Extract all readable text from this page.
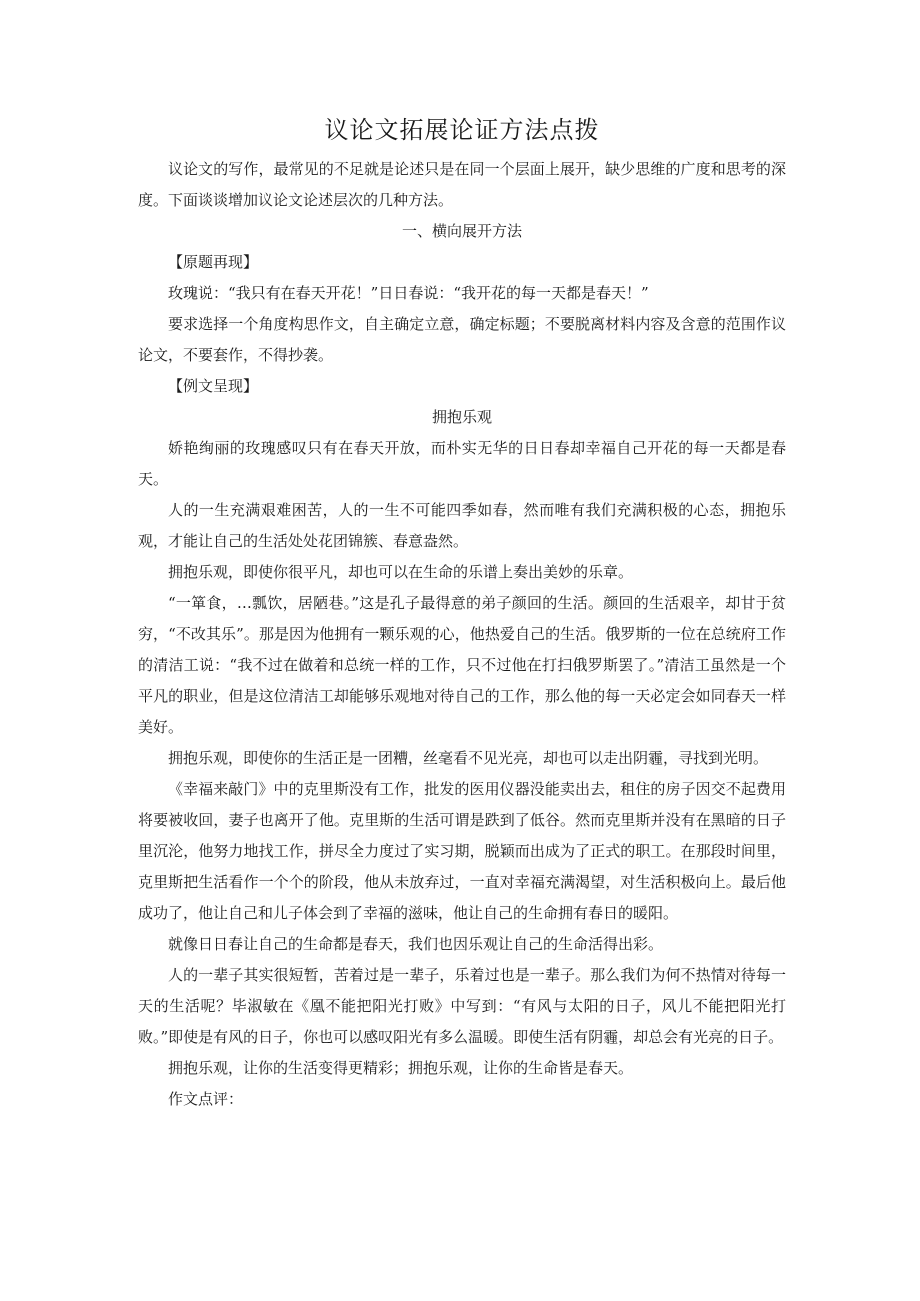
议论文拓展论证方法点拨

议论文的写作，最常见的不足就是论述只是在同一个层面上展开，缺少思维的广度和思考的深度。下面谈谈增加议论文论述层次的几种方法。

一、横向展开方法

【原题再现】

玫瑰说：“我只有在春天开花！”日日春说：“我开花的每一天都是春天！”

要求选择一个角度构思作文，自主确定立意，确定标题；不要脱离材料内容及含意的范围作议论文，不要套作，不得抄袭。

【例文呈现】

拥抱乐观

娇艳绚丽的玫瑰感叹只有在春天开放，而朴实无华的日日春却幸福自己开花的每一天都是春天。

人的一生充满艰难困苦，人的一生不可能四季如春，然而唯有我们充满积极的心态，拥抱乐观，才能让自己的生活处处花团锦簇、春意盎然。

拥抱乐观，即使你很平凡，却也可以在生命的乐谱上奏出美妙的乐章。

“一箪食，…瓢饮，居陋巷。”这是孔子最得意的弟子颜回的生活。颜回的生活艰辛，却甘于贫穷，“不改其乐”。那是因为他拥有一颗乐观的心，他热爱自己的生活。俄罗斯的一位在总统府工作的清洁工说：“我不过在做着和总统一样的工作，只不过他在打扫俄罗斯罢了。”清洁工虽然是一个平凡的职业，但是这位清洁工却能够乐观地对待自己的工作，那么他的每一天必定会如同春天一样美好。

拥抱乐观，即使你的生活正是一团糟，丝毫看不见光亮，却也可以走出阴霾，寻找到光明。

《幸福来敲门》中的克里斯没有工作，批发的医用仪器没能卖出去，租住的房子因交不起费用将要被收回，妻子也离开了他。克里斯的生活可谓是跌到了低谷。然而克里斯并没有在黑暗的日子里沉沦，他努力地找工作，拼尽全力度过了实习期，脱颖而出成为了正式的职工。在那段时间里，克里斯把生活看作一个个的阶段，他从未放弃过，一直对幸福充满渴望，对生活积极向上。最后他成功了，他让自己和儿子体会到了幸福的滋味，他让自己的生命拥有春日的暖阳。

就像日日春让自己的生命都是春天，我们也因乐观让自己的生命活得出彩。

人的一辈子其实很短暂，苦着过是一辈子，乐着过也是一辈子。那么我们为何不热情对待每一天的生活呢？毕淑敏在《凰不能把阳光打败》中写到：“有风与太阳的日子，风儿不能把阳光打败。”即使是有风的日子，你也可以感叹阳光有多么温暖。即使生活有阴霾，却总会有光亮的日子。

拥抱乐观，让你的生活变得更精彩；拥抱乐观，让你的生命皆是春天。

作文点评：
